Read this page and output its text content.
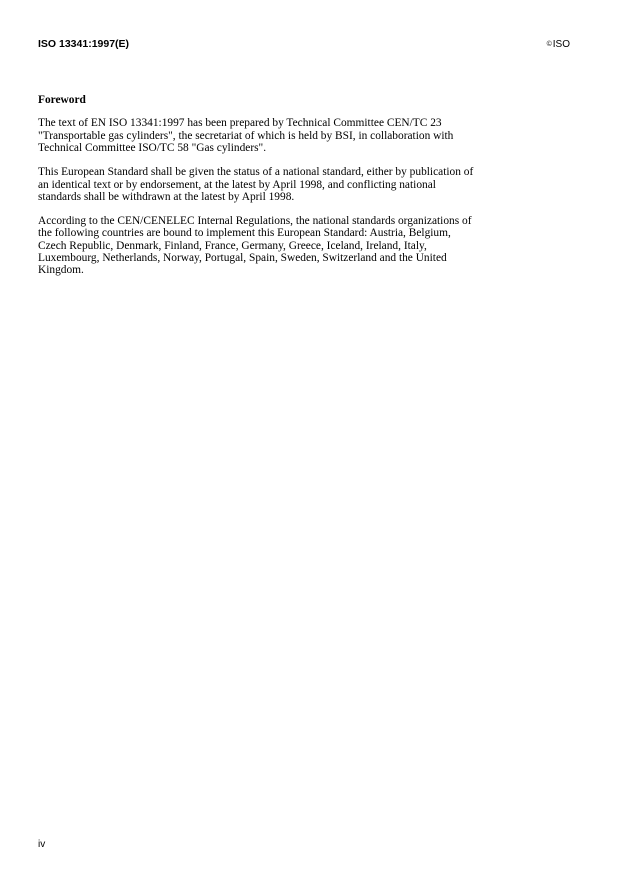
ISO 13341:1997(E)	©ISO
Foreword

The text of EN ISO 13341:1997 has been prepared by Technical Committee CEN/TC 23
"Transportable gas cylinders", the secretariat of which is held by BSI, in collaboration with
Technical Committee ISO/TC 58 "Gas cylinders".

This European Standard shall be given the status of a national standard, either by publication of
an identical text or by endorsement, at the latest by April 1998, and conflicting national
standards shall be withdrawn at the latest by April 1998.

According to the CEN/CENELEC Internal Regulations, the national standards organizations of
the following countries are bound to implement this European Standard: Austria, Belgium,
Czech Republic, Denmark, Finland, France, Germany, Greece, Iceland, Ireland, Italy,
Luxembourg, Netherlands, Norway, Portugal, Spain, Sweden, Switzerland and the United
Kingdom.

iv
